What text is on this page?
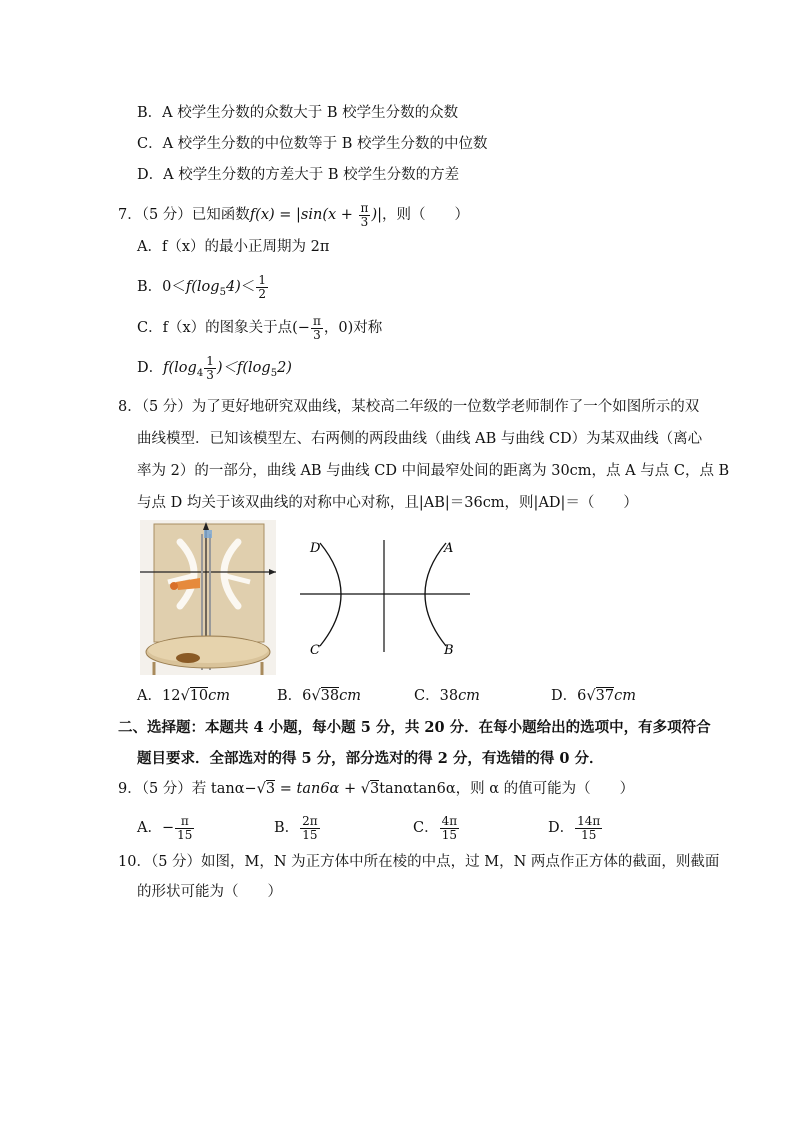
B．A 校学生分数的众数大于 B 校学生分数的众数
C．A 校学生分数的中位数等于 B 校学生分数的中位数
D．A 校学生分数的方差大于 B 校学生分数的方差
7．（5 分）已知函数$f(x) = |\sin(x + \frac{\pi}{3}$ )|，则（　　）
A．f（x）的最小正周期为 2π
B．$0<f(\log_54)< \frac{1}{2}$
C．f（x）的图象关于点(− $\frac{\pi}{3}$ ，0)对称
D．$f(\log_4 \frac{1}{3} )<f(\log_52)$
8．（5 分）为了更好地研究双曲线，某校高二年级的一位数学老师制作了一个如图所示的双
曲线模型．已知该模型左、右两侧的两段曲线（曲线 AB 与曲线 CD）为某双曲线（离心
率为 2）的一部分，曲线 AB 与曲线 CD 中间最窄处间的距离为 30cm，点 A 与点 C，点 B
与点 D 均关于该双曲线的对称中心对称，且|AB|＝36cm，则|AD|＝（　　）
D	A
C	B
A．12√10cm	B．6√38cm	C．38cm	D．6√37cm
二、选择题：本题共 4 小题，每小题 5 分，共 20 分．在每小题给出的选项中，有多项符合
题目要求．全部选对的得 5 分，部分选对的得 2 分，有选错的得 0 分．
9．（5 分）若 tanα−√3 = tan6α + √3tanαtan6α，则 α 的值可能为（　　）
A．− $\frac{\pi}{15}$	B． $\frac{2\pi}{15}$	C． $\frac{4\pi}{15}$	D． $\frac{14\pi}{15}$
10．（5 分）如图，M，N 为正方体中所在棱的中点，过 M，N 两点作正方体的截面，则截面
的形状可能为（　　）
